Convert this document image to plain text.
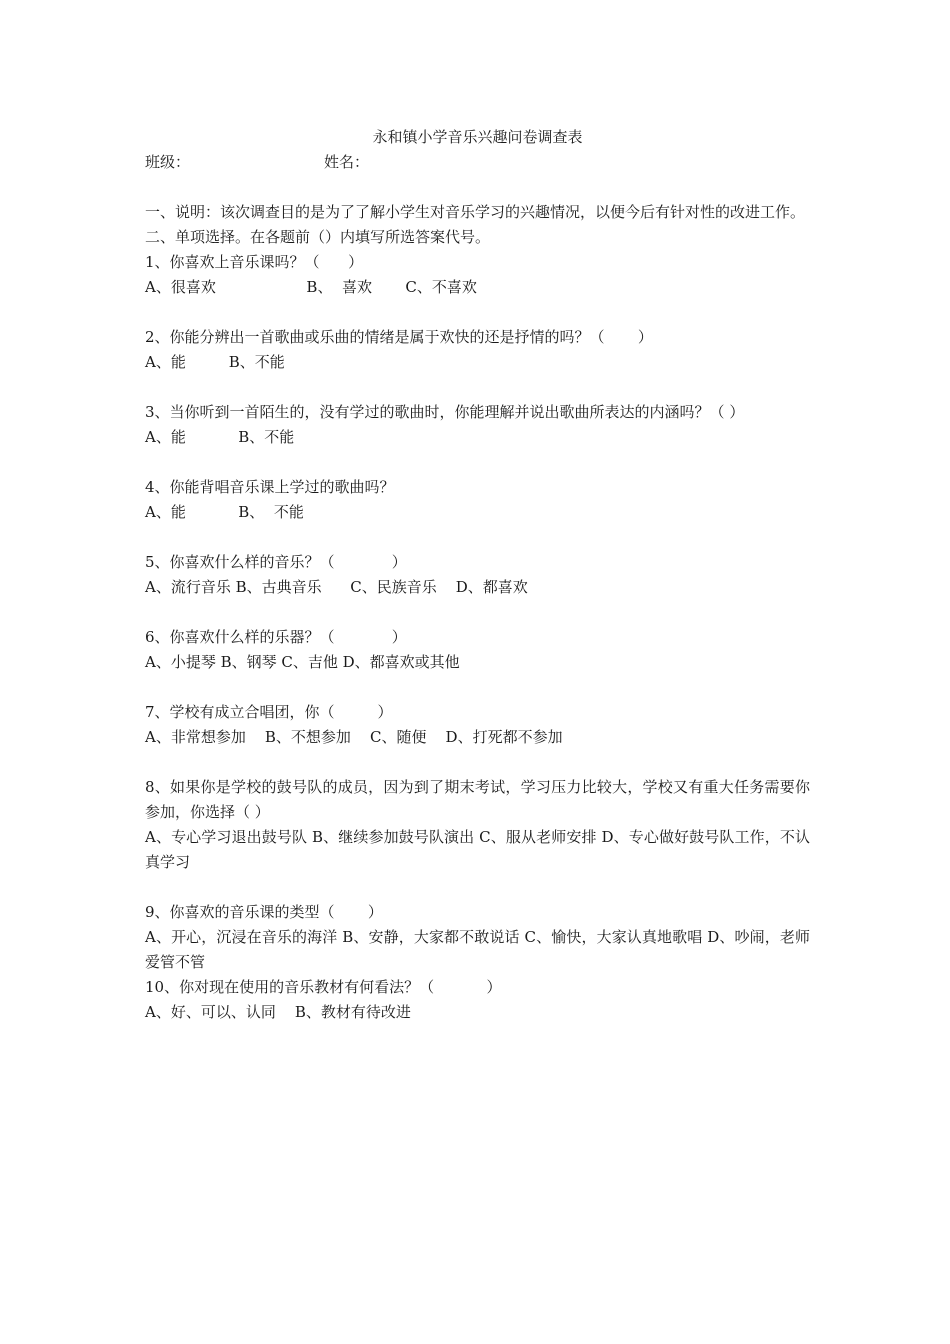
永和镇小学音乐兴趣问卷调查表
班级：	姓名：
一、说明：该次调查目的是为了了解小学生对音乐学习的兴趣情况，以便今后有针对性的改进工作。
二、单项选择。在各题前（）内填写所选答案代号。
1、你喜欢上音乐课吗？（      ）
A、很喜欢                   B、  喜欢       C、不喜欢
2、你能分辨出一首歌曲或乐曲的情绪是属于欢快的还是抒情的吗？（       ）
A、能         B、不能
3、当你听到一首陌生的，没有学过的歌曲时，你能理解并说出歌曲所表达的内涵吗？（ ）
A、能           B、不能
4、你能背唱音乐课上学过的歌曲吗？
A、能           B、  不能
5、你喜欢什么样的音乐？（            ）
A、流行音乐 B、古典音乐      C、民族音乐    D、都喜欢
6、你喜欢什么样的乐器？（            ）
A、小提琴 B、钢琴 C、吉他 D、都喜欢或其他
7、学校有成立合唱团，你（         ）
A、非常想参加    B、不想参加    C、随便    D、打死都不参加
8、如果你是学校的鼓号队的成员，因为到了期末考试，学习压力比较大，学校又有重大任务需要你参加，你选择（ ）
A、专心学习退出鼓号队 B、继续参加鼓号队演出 C、服从老师安排 D、专心做好鼓号队工作，不认真学习
9、你喜欢的音乐课的类型（       ）
A、开心，沉浸在音乐的海洋 B、安静，大家都不敢说话 C、愉快，大家认真地歌唱 D、吵闹，老师爱管不管
10、你对现在使用的音乐教材有何看法？（           ）
A、好、可以、认同    B、教材有待改进
